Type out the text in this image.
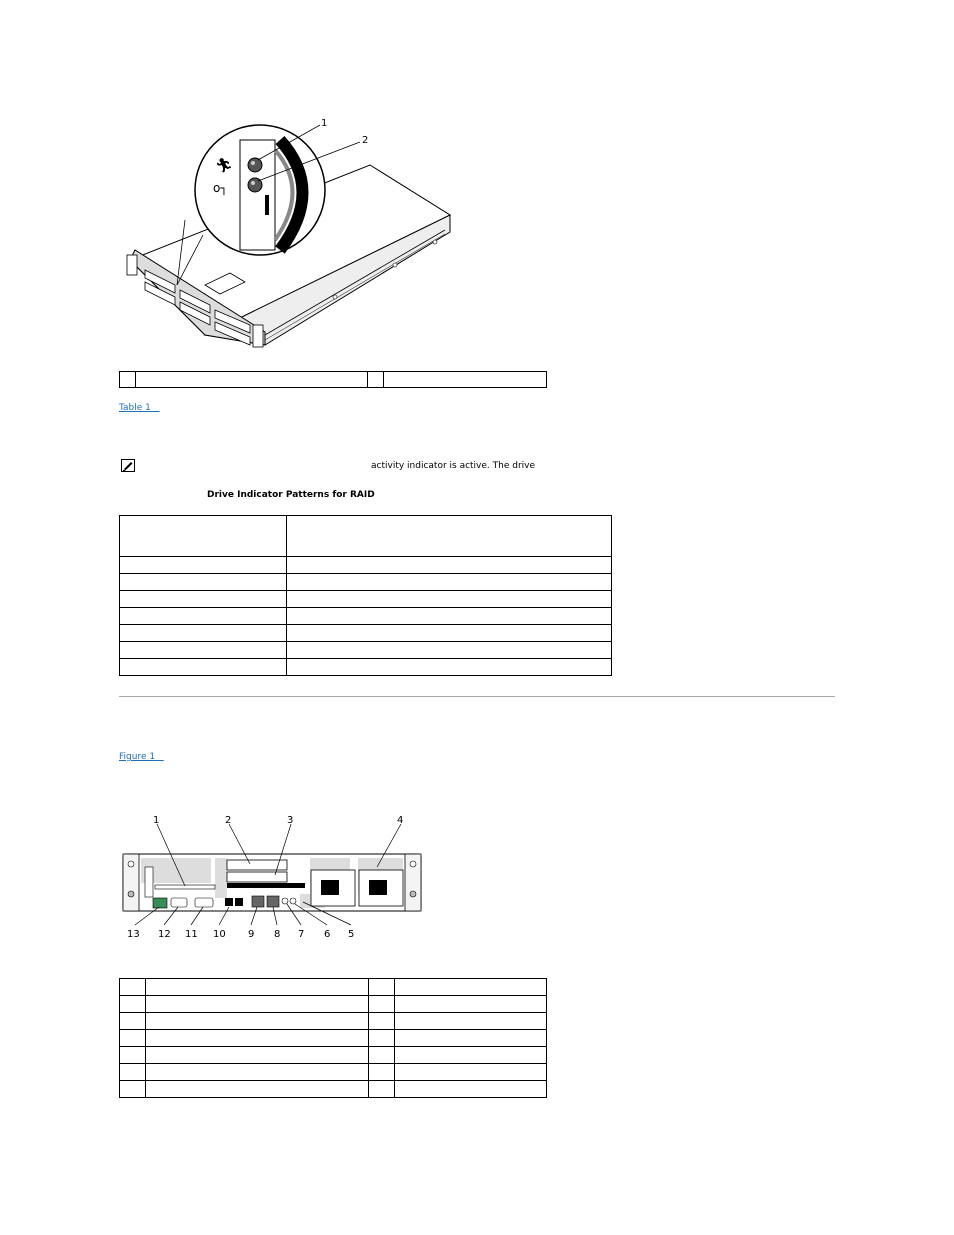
🏃︎
o┐
1
2

Table 1
activity indicator is active. The drive
Drive Indicator Patterns for RAID

Figure 1
1	2	3	4
13 12 11 10 9 8 7 6 5
